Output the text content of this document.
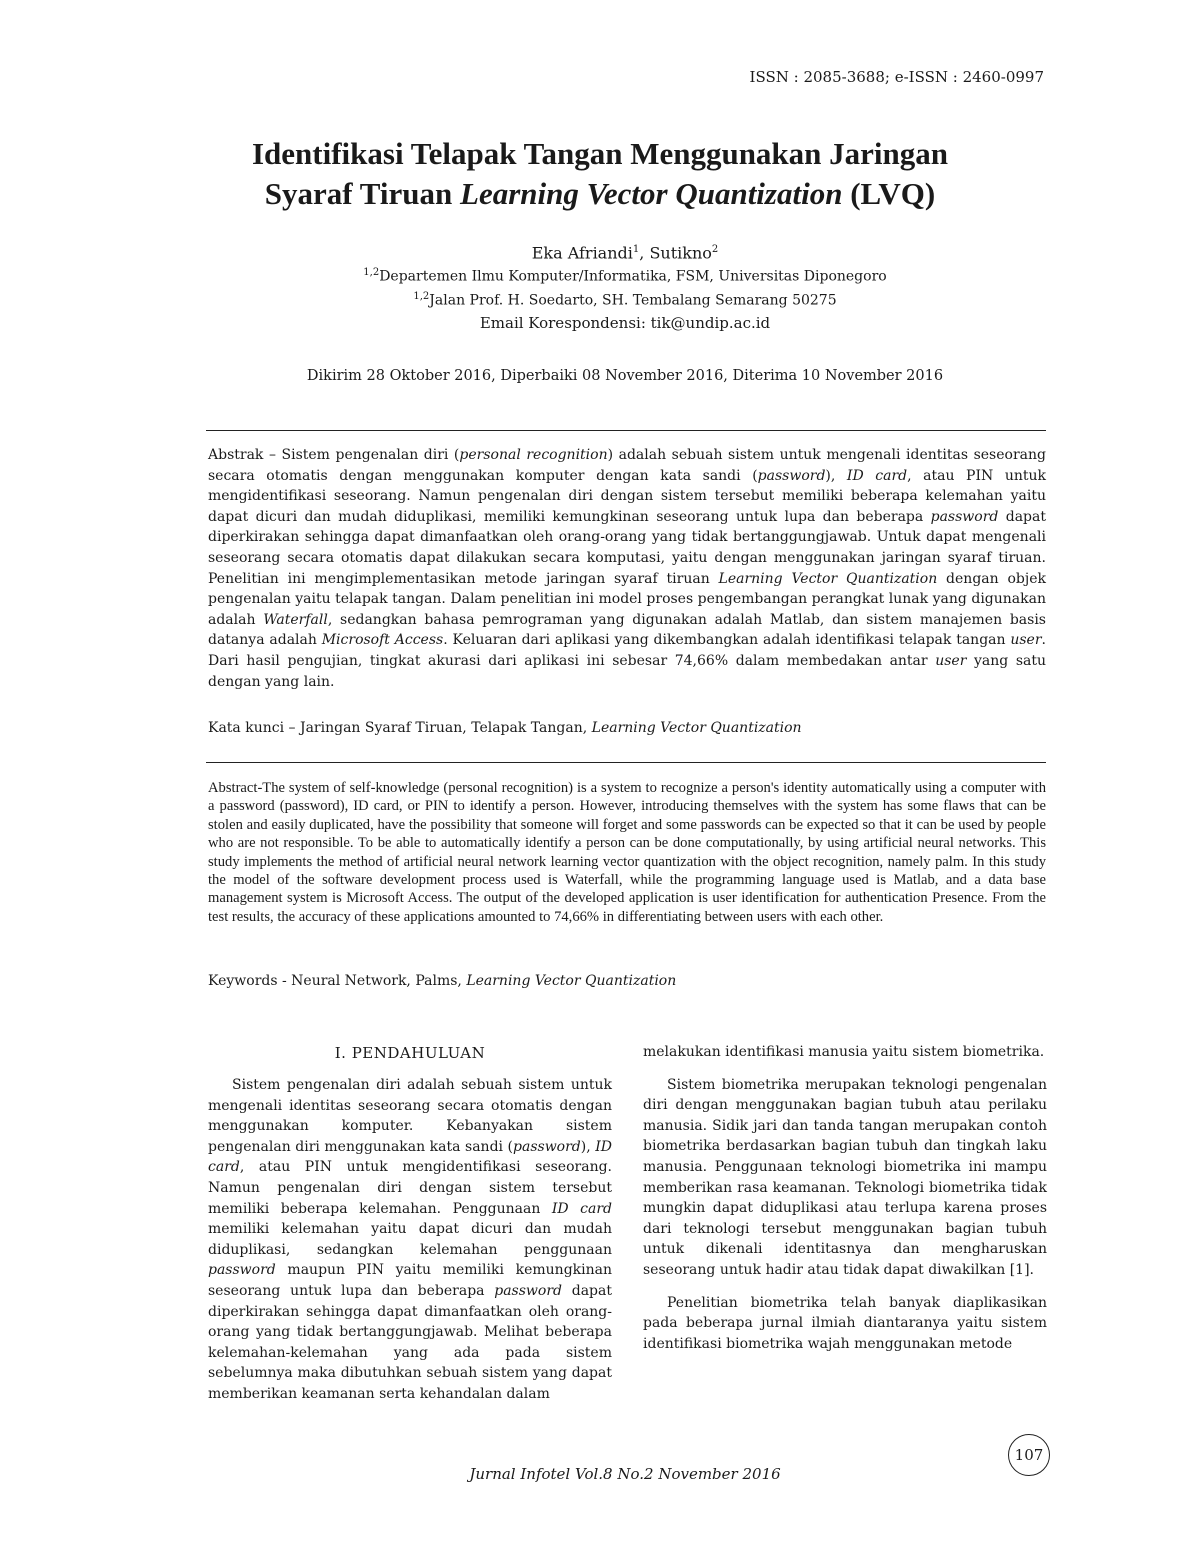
ISSN : 2085-3688; e-ISSN : 2460-0997
Identifikasi Telapak Tangan Menggunakan Jaringan
Syaraf Tiruan Learning Vector Quantization (LVQ)
Eka Afriandi$^1$, Sutikno$^2$
$^{1,2}$Departemen Ilmu Komputer/Informatika, FSM, Universitas Diponegoro
$^{1,2}$Jalan Prof. H. Soedarto, SH. Tembalang Semarang 50275
Email Korespondensi: tik@undip.ac.id
Dikirim 28 Oktober 2016, Diperbaiki 08 November 2016, Diterima 10 November 2016
Abstrak – Sistem pengenalan diri (personal recognition) adalah sebuah sistem untuk mengenali identitas seseorang secara otomatis dengan menggunakan komputer dengan kata sandi (password), ID card, atau PIN untuk mengidentifikasi seseorang. Namun pengenalan diri dengan sistem tersebut memiliki beberapa kelemahan yaitu dapat dicuri dan mudah diduplikasi, memiliki kemungkinan seseorang untuk lupa dan beberapa password dapat diperkirakan sehingga dapat dimanfaatkan oleh orang-orang yang tidak bertanggungjawab. Untuk dapat mengenali seseorang secara otomatis dapat dilakukan secara komputasi, yaitu dengan menggunakan jaringan syaraf tiruan. Penelitian ini mengimplementasikan metode jaringan syaraf tiruan Learning Vector Quantization dengan objek pengenalan yaitu telapak tangan. Dalam penelitian ini model proses pengembangan perangkat lunak yang digunakan adalah Waterfall, sedangkan bahasa pemrograman yang digunakan adalah Matlab, dan sistem manajemen basis datanya adalah Microsoft Access. Keluaran dari aplikasi yang dikembangkan adalah identifikasi telapak tangan user. Dari hasil pengujian, tingkat akurasi dari aplikasi ini sebesar 74,66% dalam membedakan antar user yang satu dengan yang lain.
Kata kunci – Jaringan Syaraf Tiruan, Telapak Tangan, Learning Vector Quantization
Abstract-The system of self-knowledge (personal recognition) is a system to recognize a person's identity automatically using a computer with a password (password), ID card, or PIN to identify a person. However, introducing themselves with the system has some flaws that can be stolen and easily duplicated, have the possibility that someone will forget and some passwords can be expected so that it can be used by people who are not responsible. To be able to automatically identify a person can be done computationally, by using artificial neural networks. This study implements the method of artificial neural network learning vector quantization with the object recognition, namely palm. In this study the model of the software development process used is Waterfall, while the programming language used is Matlab, and a data base management system is Microsoft Access. The output of the developed application is user identification for authentication Presence. From the test results, the accuracy of these applications amounted to 74,66% in differentiating between users with each other.
Keywords - Neural Network, Palms, Learning Vector Quantization
I. PENDAHULUAN

Sistem pengenalan diri adalah sebuah sistem untuk mengenali identitas seseorang secara otomatis dengan menggunakan komputer. Kebanyakan sistem pengenalan diri menggunakan kata sandi (password), ID card, atau PIN untuk mengidentifikasi seseorang. Namun pengenalan diri dengan sistem tersebut memiliki beberapa kelemahan. Penggunaan ID card memiliki kelemahan yaitu dapat dicuri dan mudah diduplikasi, sedangkan kelemahan penggunaan password maupun PIN yaitu memiliki kemungkinan seseorang untuk lupa dan beberapa password dapat diperkirakan sehingga dapat dimanfaatkan oleh orang-orang yang tidak bertanggungjawab. Melihat beberapa kelemahan-kelemahan yang ada pada sistem sebelumnya maka dibutuhkan sebuah sistem yang dapat memberikan keamanan serta kehandalan dalam

melakukan identifikasi manusia yaitu sistem biometrika.

Sistem biometrika merupakan teknologi pengenalan diri dengan menggunakan bagian tubuh atau perilaku manusia. Sidik jari dan tanda tangan merupakan contoh biometrika berdasarkan bagian tubuh dan tingkah laku manusia. Penggunaan teknologi biometrika ini mampu memberikan rasa keamanan. Teknologi biometrika tidak mungkin dapat diduplikasi atau terlupa karena proses dari teknologi tersebut menggunakan bagian tubuh untuk dikenali identitasnya dan mengharuskan seseorang untuk hadir atau tidak dapat diwakilkan [1].

Penelitian biometrika telah banyak diaplikasikan pada beberapa jurnal ilmiah diantaranya yaitu sistem identifikasi biometrika wajah menggunakan metode

107
Jurnal Infotel Vol.8 No.2 November 2016
